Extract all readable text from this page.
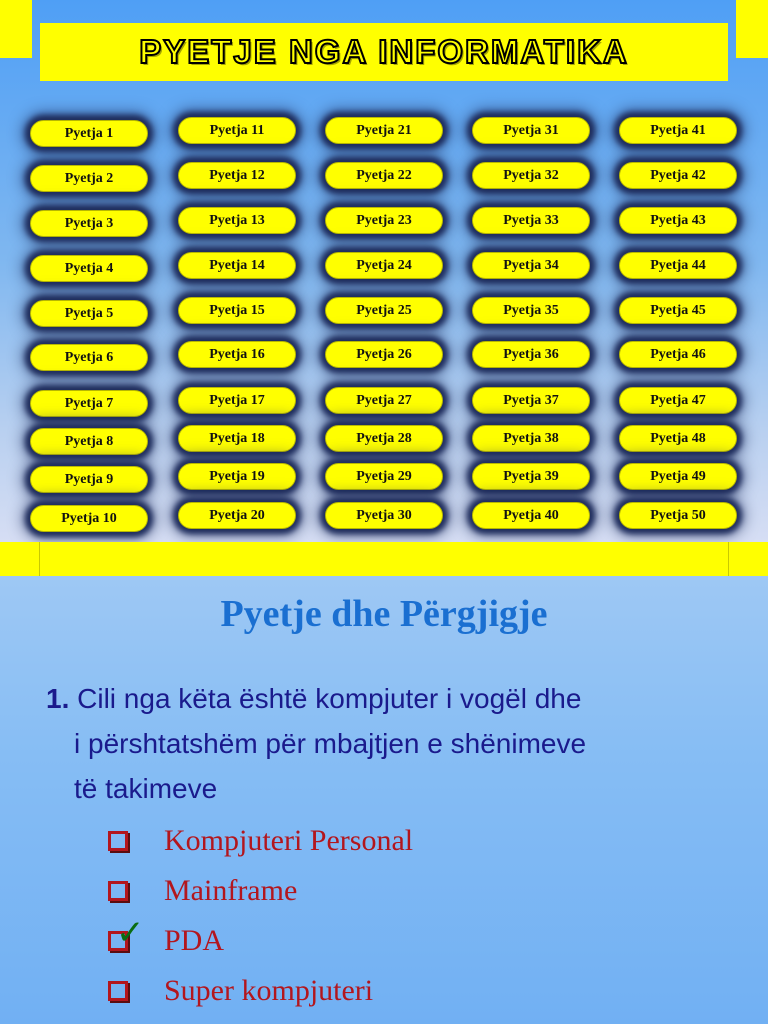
PYETJE NGA INFORMATIKA
Pyetja 1
Pyetja 2
Pyetja 3
Pyetja 4
Pyetja 5
Pyetja 6
Pyetja 7
Pyetja 8
Pyetja 9
Pyetja 10
Pyetja 11
Pyetja 12
Pyetja 13
Pyetja 14
Pyetja 15
Pyetja 16
Pyetja 17
Pyetja 18
Pyetja 19
Pyetja 20
Pyetja 21
Pyetja 22
Pyetja 23
Pyetja 24
Pyetja 25
Pyetja 26
Pyetja 27
Pyetja 28
Pyetja 29
Pyetja 30
Pyetja 31
Pyetja 32
Pyetja 33
Pyetja 34
Pyetja 35
Pyetja 36
Pyetja 37
Pyetja 38
Pyetja 39
Pyetja 40
Pyetja 41
Pyetja 42
Pyetja 43
Pyetja 44
Pyetja 45
Pyetja 46
Pyetja 47
Pyetja 48
Pyetja 49
Pyetja 50
Pyetje dhe Përgjigje
1. Cili nga këta është kompjuter i vogël dhe
i përshtatshëm për mbajtjen e shënimeve
të takimeve
Kompjuteri Personal
Mainframe
✓ PDA
Super kompjuteri
